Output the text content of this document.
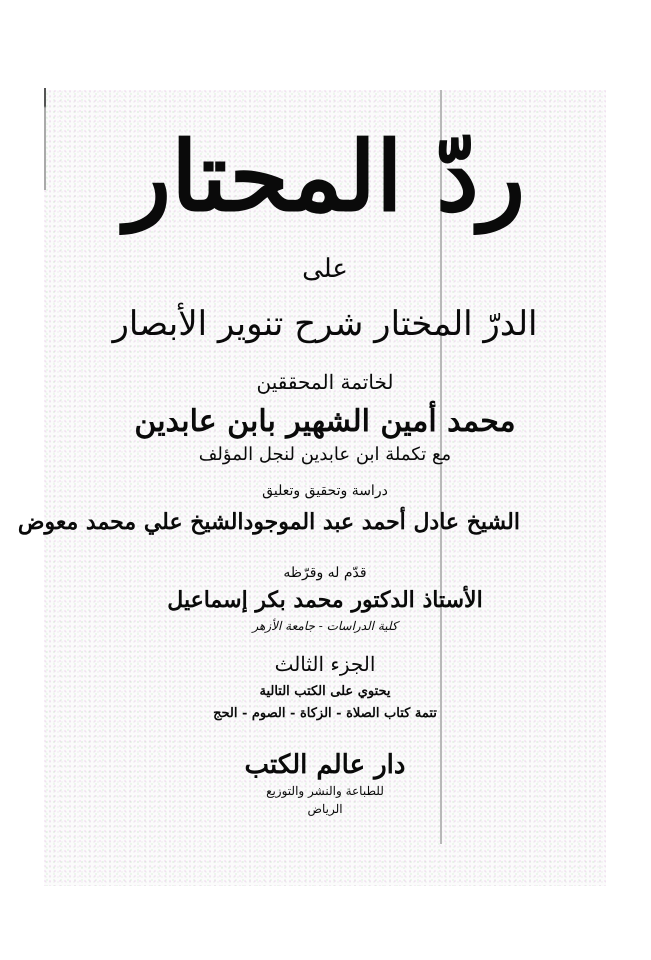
ردّ المحتار
على
الدرّ المختار شرح تنوير الأبصار
لخاتمة المحققين
محمد أمين الشهير بابن عابدين
مع تكملة ابن عابدين لنجل المؤلف
دراسة وتحقيق وتعليق
الشيخ عادل أحمد عبد الموجود
الشيخ علي محمد معوض
قدّم له وقرّظه
الأستاذ الدكتور محمد بكر إسماعيل
كلية الدراسات - جامعة الأزهر
الجزء الثالث
يحتوي على الكتب التالية
تتمة كتاب الصلاة - الزكاة - الصوم - الحج
دار عالم الكتب
للطباعة والنشر والتوزيع
الرياض
